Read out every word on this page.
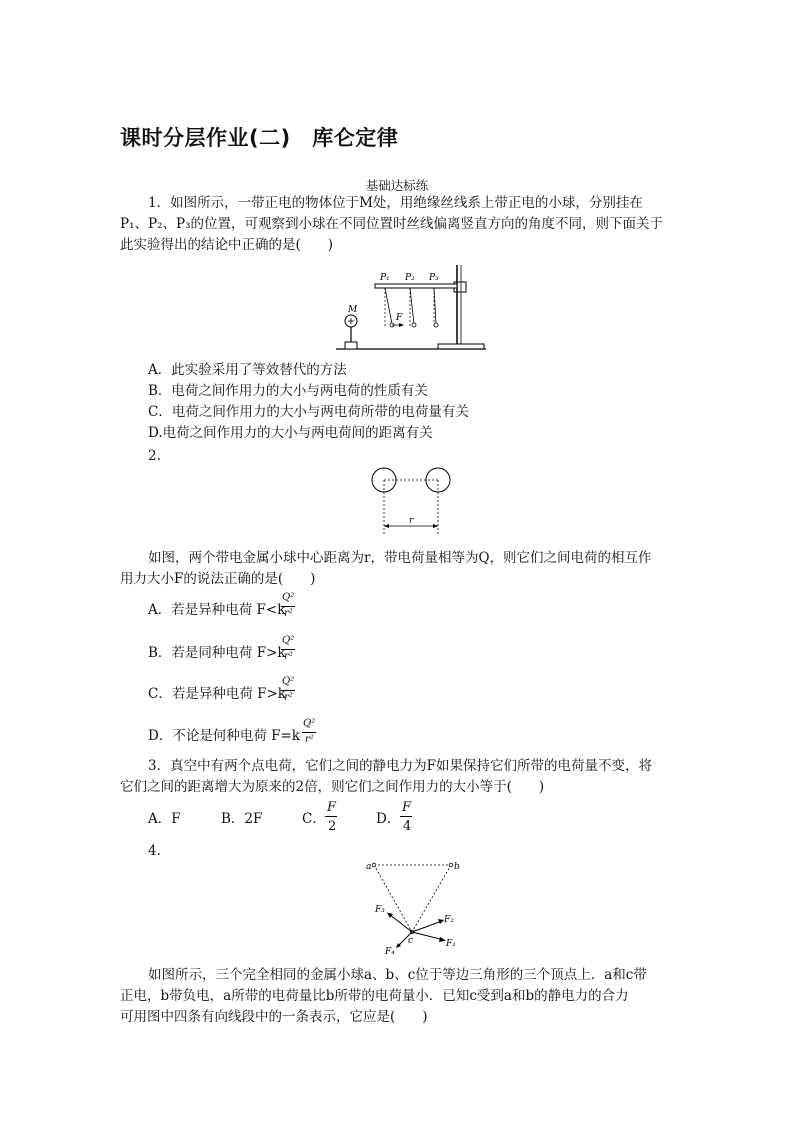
课时分层作业(二)　库仑定律
基础达标练
1．如图所示，一带正电的物体位于M处，用绝缘丝线系上带正电的小球，分别挂在
P₁、P₂、P₃的位置，可观察到小球在不同位置时丝线偏离竖直方向的角度不同，则下面关于
此实验得出的结论中正确的是(　　)
P₁ P₂ P₃
M
F
A．此实验采用了等效替代的方法
B．电荷之间作用力的大小与两电荷的性质有关
C．电荷之间作用力的大小与两电荷所带的电荷量有关
D.电荷之间作用力的大小与两电荷间的距离有关
2.
r
如图，两个带电金属小球中心距离为r，带电荷量相等为Q，则它们之间电荷的相互作
用力大小F的说法正确的是(　　)
A．若是异种电荷 F<k
Q²
r²
B．若是同种电荷 F>k
Q²
r²
C．若是异种电荷 F>k
Q²
r²
D．不论是何种电荷 F=k
Q²
r²
3．真空中有两个点电荷，它们之间的静电力为F如果保持它们所带的电荷量不变，将
它们之间的距离增大为原来的2倍，则它们之间作用力的大小等于(　　)
A．F	B．2F	C．
F
2	D．
F
4
4.
a	b
c	F₁
F₂
F₃
F₄
如图所示，三个完全相同的金属小球a、b、c位于等边三角形的三个顶点上．a和c带
正电，b带负电，a所带的电荷量比b所带的电荷量小．已知c受到a和b的静电力的合力
可用图中四条有向线段中的一条表示，它应是(　　)
